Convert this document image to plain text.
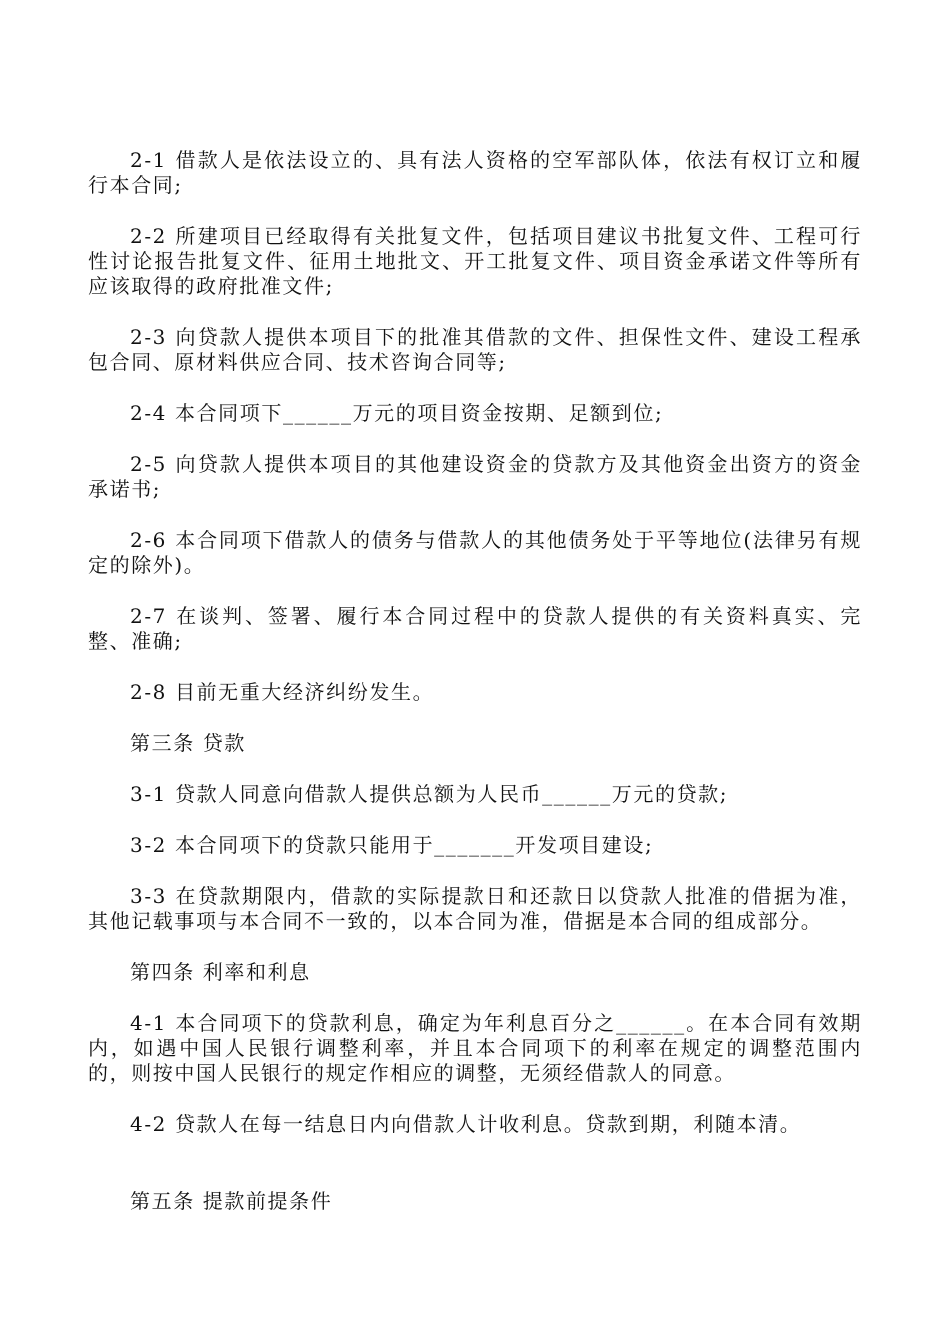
2-1 借款人是依法设立的、具有法人资格的空军部队体，依法有权订立和履行本合同;

2-2 所建项目已经取得有关批复文件，包括项目建议书批复文件、工程可行性讨论报告批复文件、征用土地批文、开工批复文件、项目资金承诺文件等所有应该取得的政府批准文件;

2-3 向贷款人提供本项目下的批准其借款的文件、担保性文件、建设工程承包合同、原材料供应合同、技术咨询合同等;

2-4 本合同项下______万元的项目资金按期、足额到位;

2-5 向贷款人提供本项目的其他建设资金的贷款方及其他资金出资方的资金承诺书;

2-6 本合同项下借款人的债务与借款人的其他债务处于平等地位(法律另有规定的除外)。

2-7 在谈判、签署、履行本合同过程中的贷款人提供的有关资料真实、完整、准确;

2-8 目前无重大经济纠纷发生。

第三条 贷款

3-1 贷款人同意向借款人提供总额为人民币______万元的贷款;

3-2 本合同项下的贷款只能用于_______开发项目建设;

3-3 在贷款期限内，借款的实际提款日和还款日以贷款人批准的借据为准，其他记载事项与本合同不一致的，以本合同为准，借据是本合同的组成部分。

第四条 利率和利息

4-1 本合同项下的贷款利息，确定为年利息百分之______。在本合同有效期内，如遇中国人民银行调整利率，并且本合同项下的利率在规定的调整范围内的，则按中国人民银行的规定作相应的调整，无须经借款人的同意。

4-2 贷款人在每一结息日内向借款人计收利息。贷款到期，利随本清。

第五条 提款前提条件
